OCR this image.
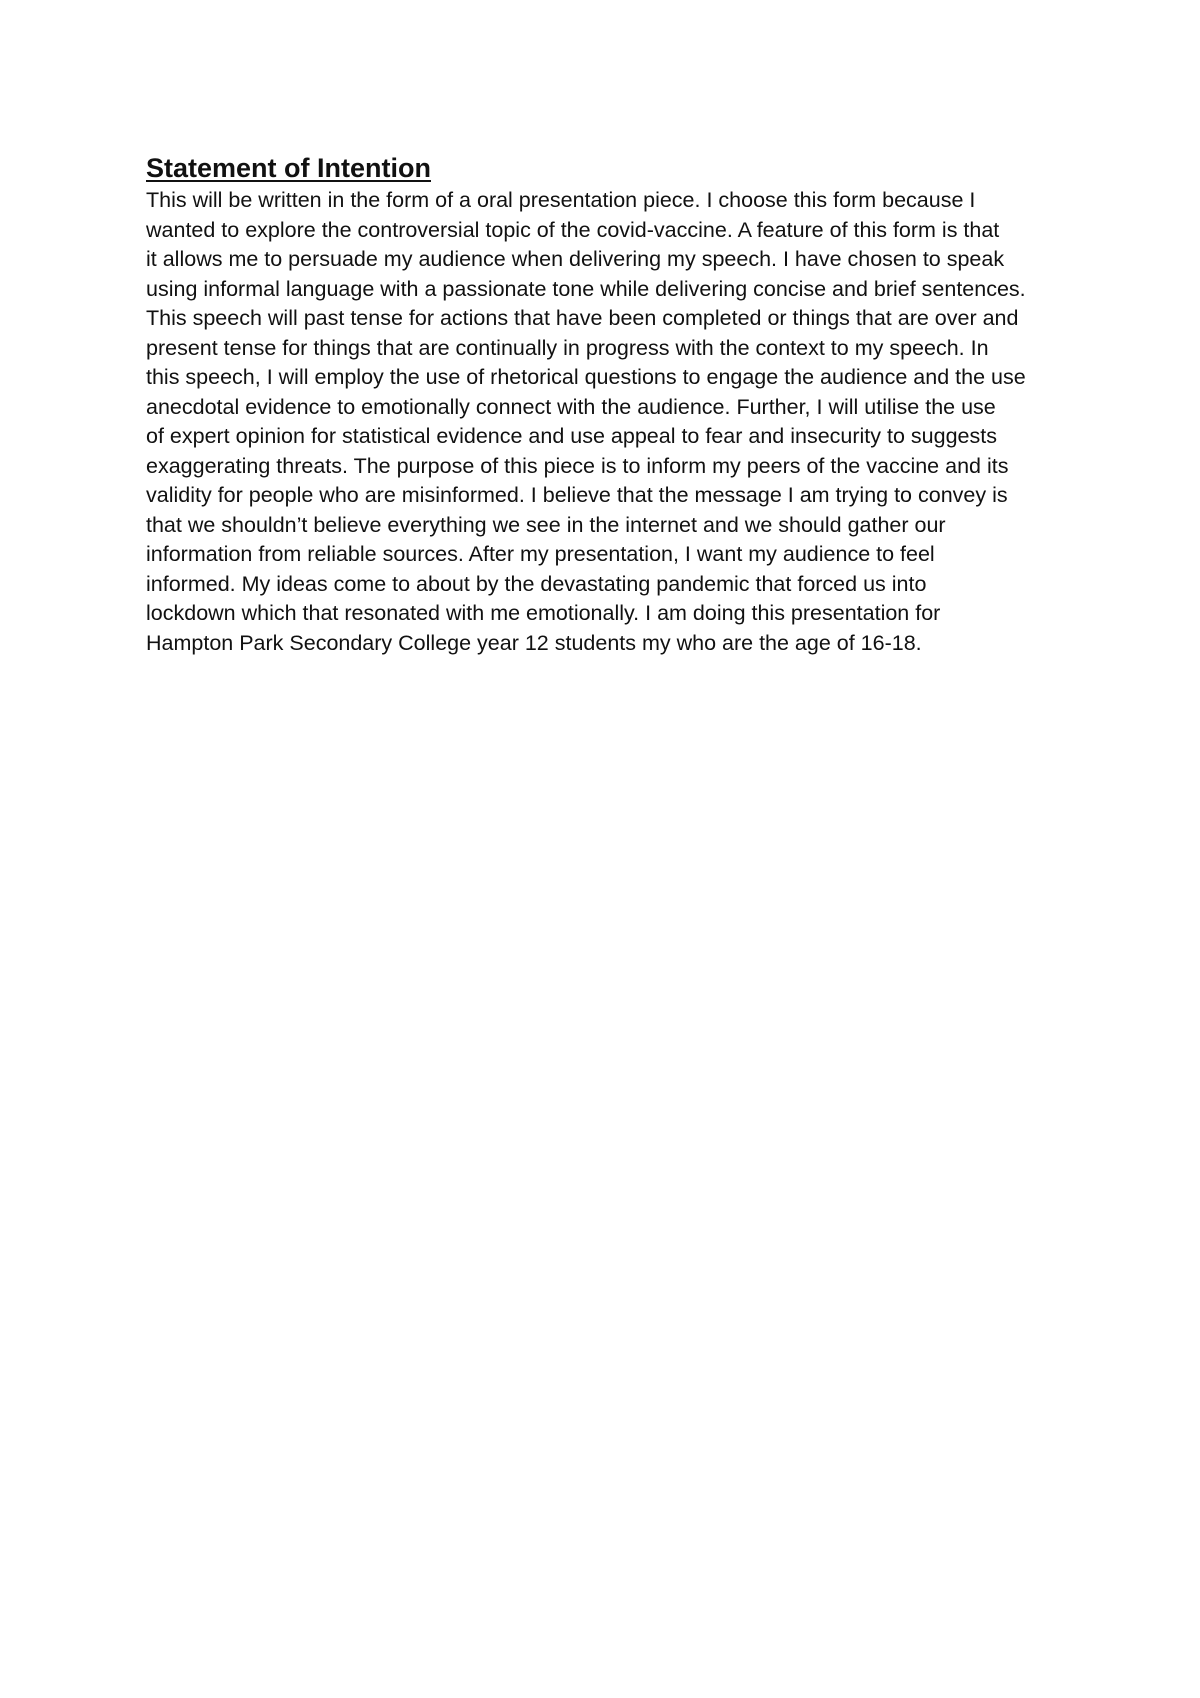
Statement of Intention

This will be written in the form of a oral presentation piece. I choose this form because I
wanted to explore the controversial topic of the covid-vaccine. A feature of this form is that
it allows me to persuade my audience when delivering my speech. I have chosen to speak
using informal language with a passionate tone while delivering concise and brief sentences.
This speech will past tense for actions that have been completed or things that are over and
present tense for things that are continually in progress with the context to my speech. In
this speech, I will employ the use of rhetorical questions to engage the audience and the use
anecdotal evidence to emotionally connect with the audience. Further, I will utilise the use
of expert opinion for statistical evidence and use appeal to fear and insecurity to suggests
exaggerating threats. The purpose of this piece is to inform my peers of the vaccine and its
validity for people who are misinformed. I believe that the message I am trying to convey is
that we shouldn’t believe everything we see in the internet and we should gather our
information from reliable sources. After my presentation, I want my audience to feel
informed. My ideas come to about by the devastating pandemic that forced us into
lockdown which that resonated with me emotionally. I am doing this presentation for
Hampton Park Secondary College year 12 students my who are the age of 16-18.
